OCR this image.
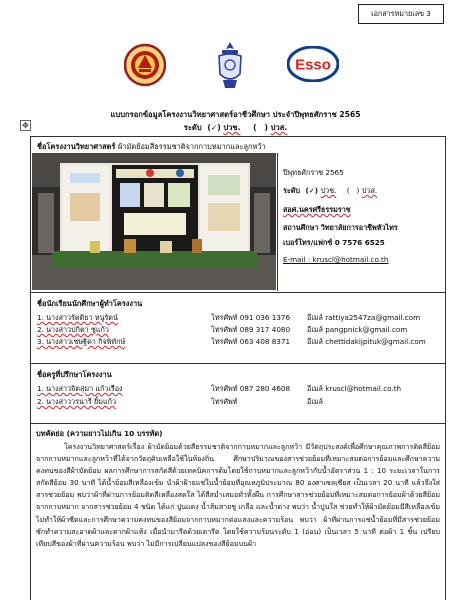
เอกสารหมายเลข 3
Esso
แบบกรอกข้อมูลโครงงานวิทยาศาสตร์อาชีวศึกษา ประจำปีพุทธศักราช 2565
ระดับ (✓) ปวช. (   ) ปวส.
✥
ชื่อโครงงานวิทยาศาสตร์ ผ้ามัดย้อมสีธรรมชาติจากกาบหมากและลูกหว้า
ปีพุทธศักราช 2565
ระดับ (✓) ปวช. (   ) ปวส.
สอศ.นครศรีธรรมราช
สถานศึกษา วิทยาลัยการอาชีพหัวไทร
เบอร์โทร/แฟกซ์ 0 7576 6525
E-mail : kruscl@hotmail.co.th
ชื่อนักเรียนนักศึกษาผู้ทำโครงงาน
1. นางสาวรัตติยา หนูรัตน์	โทรศัพท์ 091 036 1376 อีเมล์ rattiya2547za@gmail.com
2. นางสาวปกิตา ชูแก้ว	โทรศัพท์ 089 317 4080 อีเมล์ pangpnick@gmail.com
3. นางสาวเชษฐิดา กิจพิทักษ์	โทรศัพท์ 063 408 8371 อีเมล์ chettidakijpituk@gmail.com
ชื่อครูที่ปรึกษาโครงงาน
1. นางสาวจิตสุมา แก้วเรือง	โทรศัพท์ 087 280 4608 อีเมล์ kruscl@hotmail.co.th
2. นางสาววรนารี ยิ้มแก้ว	โทรศัพท์	อีเมล์
บทคัดย่อ (ความยาวไม่เกิน 10 บรรทัด)
โครงงานวิทยาศาสตร์เรื่อง ผ้ามัดย้อมด้วยสีธรรมชาติจากกาบหมากและลูกหว้า มีวัตถุประสงค์เพื่อศึกษาคุณภาพการติดสีย้อมจากกาบหมากและลูกหว้าที่ได้จากวัตถุดิบเหลือใช้ในท้องถิ่น ศึกษาปริมาณของสารช่วยย้อมที่เหมาะสมต่อการย้อมและศึกษาความคงทนของสีผ้ามัดย้อม ผลการศึกษาการสกัดสีด้วยเทคนิคการต้มโดยใช้กาบหมากและลูกหว้ากับน้ำอัตราส่วน 1 : 10 ระยะเวลาในการสกัดสีย้อม 30 นาที ได้น้ำย้อมสีเหลืองเข้ม นำผ้าฝ้ายแช่ในน้ำย้อมที่อุณหภูมิประมาณ 80 องศาเซลเซียส เป็นเวลา 20 นาที แล้วจึงใส่สารช่วยย้อม พบว่าผ้าที่ผ่านการย้อมติดสีเหลืองสดใส ได้สีสม่ำเสมอทั่วทั้งผืน การศึกษาสารช่วยย้อมที่เหมาะสมต่อการย้อมผ้าด้วยสีย้อมจากกาบหมาก จากสารช่วยย้อม 4 ชนิด ได้แก่ ปูนแดง น้ำส้มสายชู เกลือ และน้ำด่าง พบว่า น้ำปูนใส ช่วยทำให้ผ้ามัดย้อมมีสีเหลืองเข้ม ไม่ทำให้ผ้าซีดและการศึกษาความคงทนของสีย้อมจากกาบหมากต่อแสงและความร้อน พบว่า ผ้าที่ผ่านการแช่น้ำย้อมที่มีสารช่วยย้อมซักทำความสะอาดผ้าและตากผ้าแห้ง เมื่อนำมารีดด้วยเตารีด โดยใช้ความร้อนระดับ 1 (อ่อน) เป็นเวลา 5 นาที ต่อผ้า 1 ชิ้น เปรียบเทียบสีของผ้าที่ผ่านความร้อน พบว่า ไม่มีการเปลี่ยนแปลงของสีย้อมบนผ้า
